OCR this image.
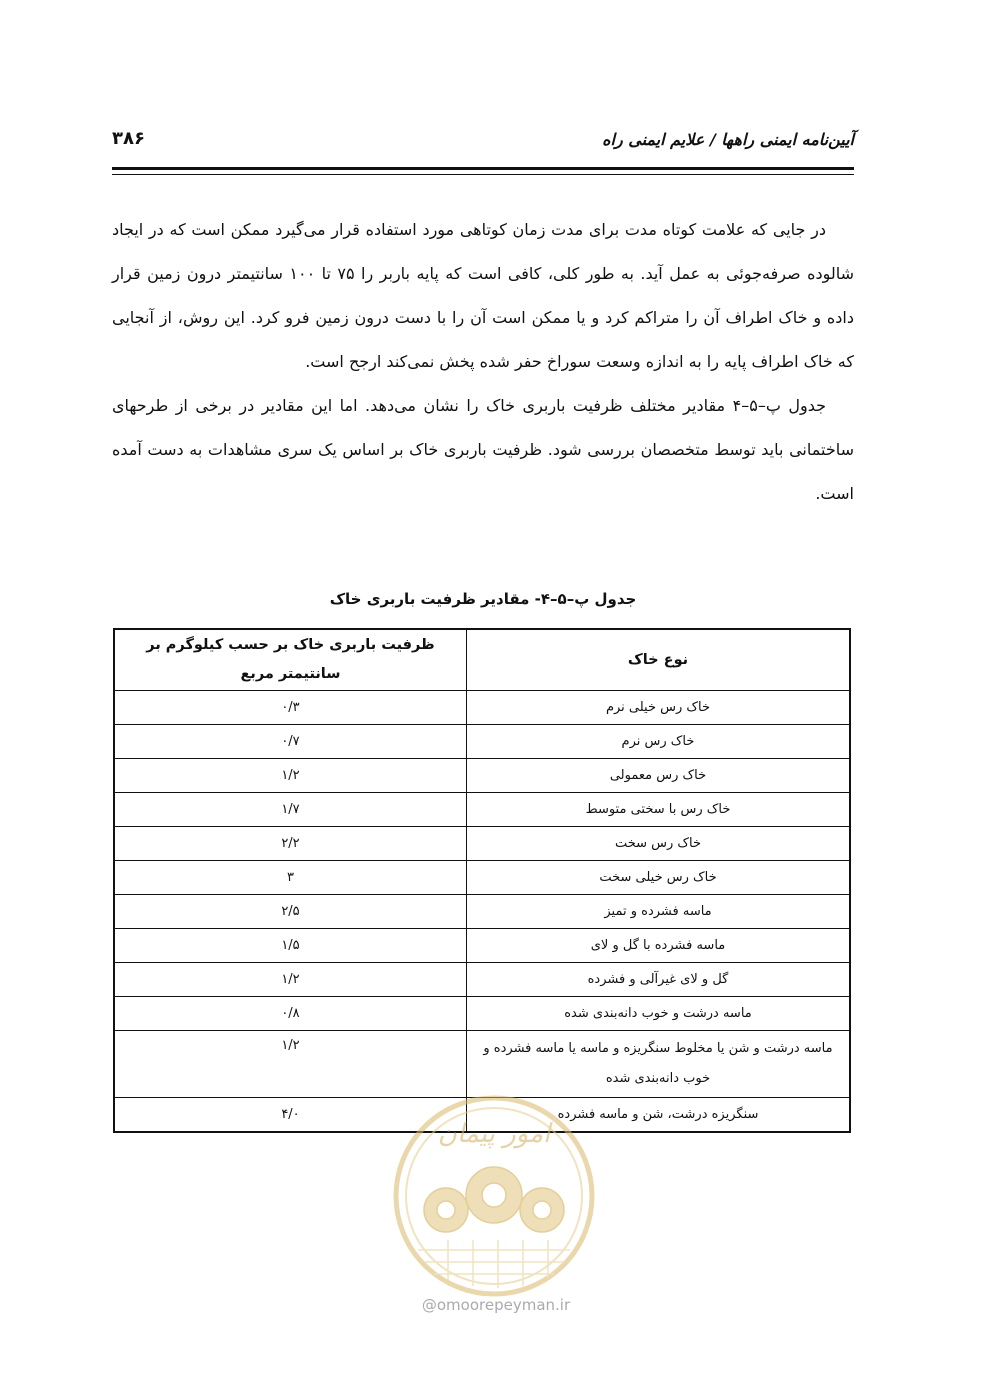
آیین‌نامه ایمنی راهها / علایم ایمنی راه
۳۸۶

در جایی که علامت کوتاه مدت برای مدت زمان کوتاهی مورد استفاده قرار می‌گیرد ممکن است که در ایجاد شالوده صرفه‌جوئی به عمل آید. به طور کلی، کافی است که پایه باربر را ۷۵ تا ۱۰۰ سانتیمتر درون زمین قرار داده و خاک اطراف آن را متراکم کرد و یا ممکن است آن را با دست درون زمین فرو کرد. این روش، از آنجایی که خاک اطراف پایه را به اندازه وسعت سوراخ حفر شده پخش نمی‌کند ارجح است.

جدول پ–۵–۴ مقادیر مختلف ظرفیت باربری خاک را نشان می‌دهد. اما این مقادیر در برخی از طرحهای ساختمانی باید توسط متخصصان بررسی شود. ظرفیت باربری خاک بر اساس یک سری مشاهدات به دست آمده است.

جدول پ–۵–۴- مقادیر ظرفیت باربری خاک
نوع خاک	ظرفیت باربری خاک بر حسب کیلوگرم بر سانتیمتر مربع
خاک رس خیلی نرم	۰/۳
خاک رس نرم	۰/۷
خاک رس معمولی	۱/۲
خاک رس با سختی متوسط	۱/۷
خاک رس سخت	۲/۲
خاک رس خیلی سخت	۳
ماسه فشرده و تمیز	۲/۵
ماسه فشرده با گل و لای	۱/۵
گل و لای غیرآلی و فشرده	۱/۲
ماسه درشت و خوب دانه‌بندی شده	۰/۸
ماسه درشت و شن یا مخلوط سنگریزه و ماسه یا ماسه فشرده و خوب دانه‌بندی شده	۱/۲
سنگریزه درشت، شن و ماسه فشرده	۴/۰
امور پیمان
@omoorepeyman.ir
